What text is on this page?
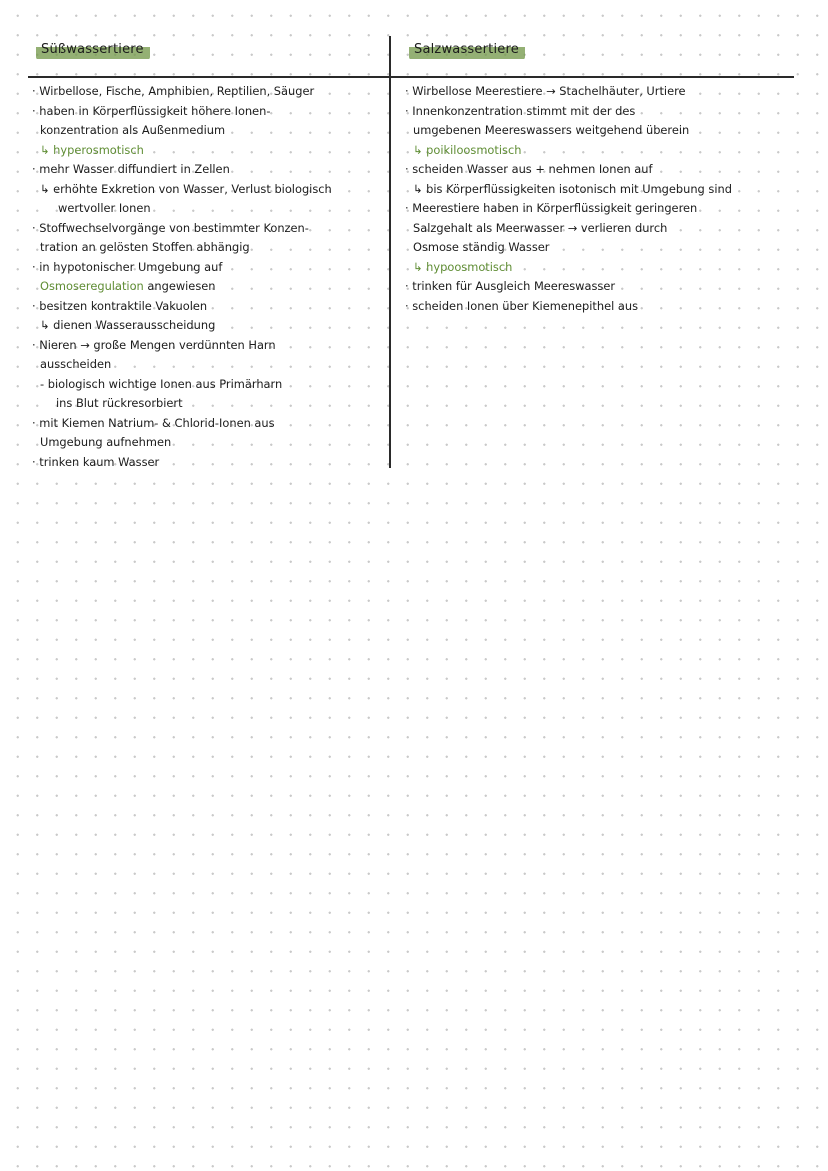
Süßwassertiere	Salzwassertiere
· Wirbellose, Fische, Amphibien, Reptilien, Säuger
· haben in Körperflüssigkeit höhere Ionen-
konzentration als Außenmedium
↳ hyperosmotisch
· mehr Wasser diffundiert in Zellen
↳ erhöhte Exkretion von Wasser, Verlust biologisch
wertvoller Ionen
· Stoffwechselvorgänge von bestimmter Konzen-
tration an gelösten Stoffen abhängig
· in hypotonischer Umgebung auf
Osmoseregulation angewiesen
· besitzen kontraktile Vakuolen
↳ dienen Wasserausscheidung
· Nieren → große Mengen verdünnten Harn
ausscheiden
- biologisch wichtige Ionen aus Primärharn
ins Blut rückresorbiert
· mit Kiemen Natrium- & Chlorid-Ionen aus
Umgebung aufnehmen
· trinken kaum Wasser
· Wirbellose Meerestiere → Stachelhäuter, Urtiere
· Innenkonzentration stimmt mit der des
umgebenen Meereswassers weitgehend überein
↳ poikiloosmotisch
· scheiden Wasser aus + nehmen Ionen auf
↳ bis Körperflüssigkeiten isotonisch mit Umgebung sind
· Meerestiere haben in Körperflüssigkeit geringeren
Salzgehalt als Meerwasser → verlieren durch
Osmose ständig Wasser
↳ hypoosmotisch
· trinken für Ausgleich Meereswasser
· scheiden Ionen über Kiemenepithel aus
